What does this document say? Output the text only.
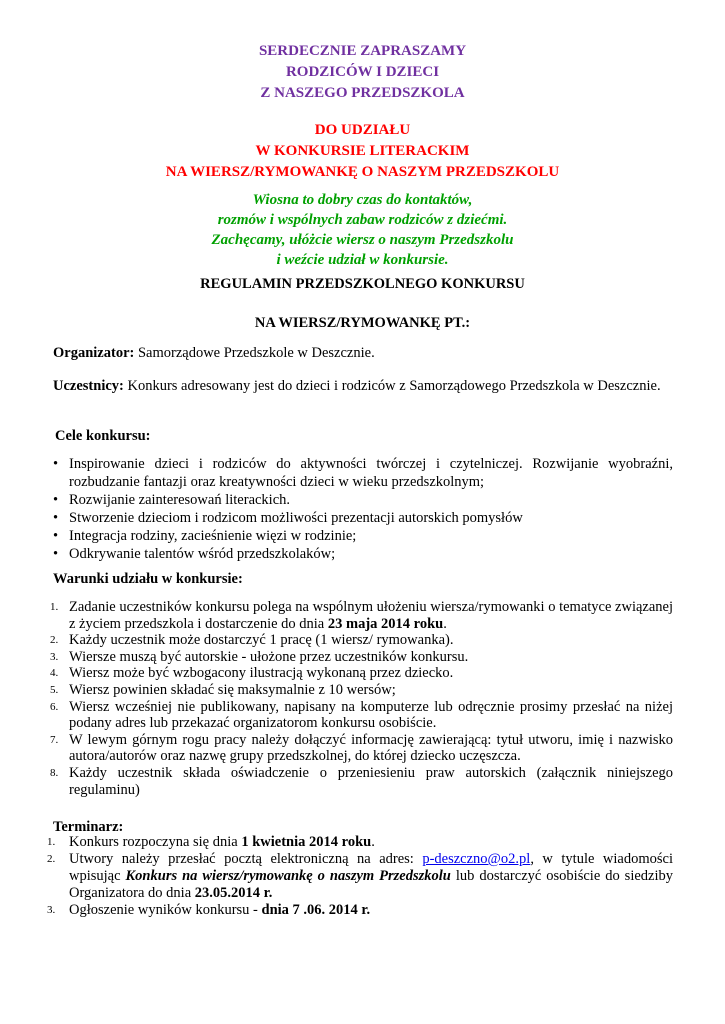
SERDECZNIE ZAPRASZAMY
RODZICÓW I DZIECI
Z NASZEGO PRZEDSZKOLA
DO UDZIAŁU
W KONKURSIE LITERACKIM
NA WIERSZ/RYMOWANKĘ O NASZYM PRZEDSZKOLU
Wiosna to dobry czas do kontaktów,
rozmów i wspólnych zabaw rodziców z dziećmi.
Zachęcamy, ułóżcie wiersz o naszym Przedszkolu
i weźcie udział w konkursie.
REGULAMIN PRZEDSZKOLNEGO KONKURSU
NA WIERSZ/RYMOWANKĘ PT.:
Organizator: Samorządowe Przedszkole w Deszcznie.
Uczestnicy: Konkurs adresowany jest do dzieci i rodziców z Samorządowego Przedszkola w Deszcznie.
Cele konkursu:
• Inspirowanie dzieci i rodziców do aktywności twórczej i czytelniczej. Rozwijanie wyobraźni, rozbudzanie fantazji oraz kreatywności dzieci w wieku przedszkolnym;
• Rozwijanie zainteresowań literackich.
• Stworzenie dzieciom i rodzicom możliwości prezentacji autorskich pomysłów
• Integracja rodziny, zacieśnienie więzi w rodzinie;
• Odkrywanie talentów wśród przedszkolaków;
Warunki udziału w konkursie:
1. Zadanie uczestników konkursu polega na wspólnym ułożeniu wiersza/rymowanki o tematyce związanej z życiem przedszkola i dostarczenie do dnia 23 maja 2014 roku.
2. Każdy uczestnik może dostarczyć 1 pracę (1 wiersz/ rymowanka).
3. Wiersze muszą być autorskie - ułożone przez uczestników konkursu.
4. Wiersz może być wzbogacony ilustracją wykonaną przez dziecko.
5. Wiersz powinien składać się maksymalnie z 10 wersów;
6. Wiersz wcześniej nie publikowany, napisany na komputerze lub odręcznie prosimy przesłać na niżej podany adres lub przekazać organizatorom konkursu osobiście.
7. W lewym górnym rogu pracy należy dołączyć informację zawierającą: tytuł utworu, imię i nazwisko autora/autorów oraz nazwę grupy przedszkolnej, do której dziecko uczęszcza.
8. Każdy uczestnik składa oświadczenie o przeniesieniu praw autorskich (załącznik niniejszego regulaminu)
Terminarz:
1. Konkurs rozpoczyna się dnia 1 kwietnia 2014 roku.
2. Utwory należy przesłać pocztą elektroniczną na adres: p-deszczno@o2.pl, w tytule wiadomości wpisując Konkurs na wiersz/rymowankę o naszym Przedszkolu lub dostarczyć osobiście do siedziby Organizatora do dnia 23.05.2014 r.
3. Ogłoszenie wyników konkursu - dnia 7 .06. 2014 r.
